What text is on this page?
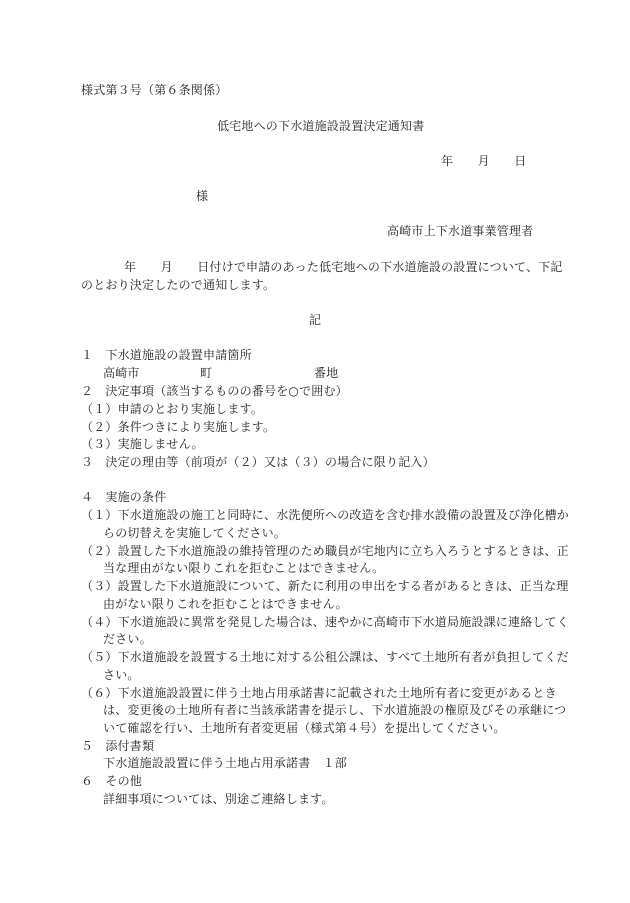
様式第３号（第６条関係）
低宅地への下水道施設設置決定通知書
年　　月　　日
様
高崎市上下水道事業管理者
年　　月　　日付けで申請のあった低宅地への下水道施設の設置について、下記
のとおり決定したので通知します。
記
１　下水道施設の設置申請箇所
高崎市	町	番地
２　決定事項（該当するものの番号を○で囲む）
（１）申請のとおり実施します。
（２）条件つきにより実施します。
（３）実施しません。
３　決定の理由等（前項が（２）又は（３）の場合に限り記入）
４　実施の条件
（１）下水道施設の施工と同時に、水洗便所への改造を含む排水設備の設置及び浄化槽か
らの切替えを実施してください。
（２）設置した下水道施設の維持管理のため職員が宅地内に立ち入ろうとするときは、正
当な理由がない限りこれを拒むことはできません。
（３）設置した下水道施設について、新たに利用の申出をする者があるときは、正当な理
由がない限りこれを拒むことはできません。
（４）下水道施設に異常を発見した場合は、速やかに高崎市下水道局施設課に連絡してく
ださい。
（５）下水道施設を設置する土地に対する公租公課は、すべて土地所有者が負担してくだ
さい。
（６）下水道施設設置に伴う土地占用承諾書に記載された土地所有者に変更があるとき
は、変更後の土地所有者に当該承諾書を提示し、下水道施設の権原及びその承継につ
いて確認を行い、土地所有者変更届（様式第４号）を提出してください。
５　添付書類
下水道施設設置に伴う土地占用承諾書　１部
６　その他
詳細事項については、別途ご連絡します。
